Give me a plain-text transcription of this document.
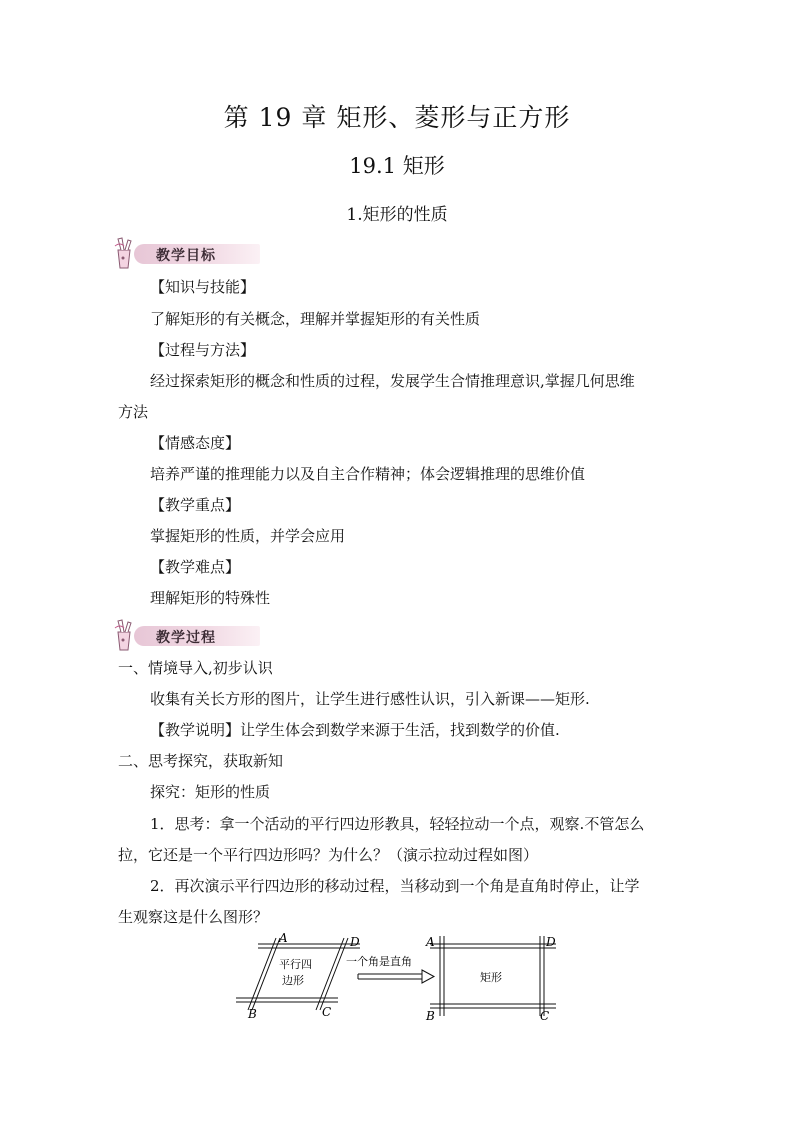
第 19 章 矩形、菱形与正方形
19.1 矩形
1.矩形的性质
教学目标
【知识与技能】
了解矩形的有关概念，理解并掌握矩形的有关性质
【过程与方法】
经过探索矩形的概念和性质的过程，发展学生合情推理意识,掌握几何思维
方法
【情感态度】
培养严谨的推理能力以及自主合作精神；体会逻辑推理的思维价值
【教学重点】
掌握矩形的性质，并学会应用
【教学难点】
理解矩形的特殊性
教学过程
一、情境导入,初步认识
收集有关长方形的图片，让学生进行感性认识，引入新课——矩形.
【教学说明】让学生体会到数学来源于生活，找到数学的价值.
二、思考探究，获取新知
探究：矩形的性质
1．思考：拿一个活动的平行四边形教具，轻轻拉动一个点，观察.不管怎么
拉，它还是一个平行四边形吗？为什么？（演示拉动过程如图）
2．再次演示平行四边形的移动过程，当移动到一个角是直角时停止，让学
生观察这是什么图形？
A	D
B	C
平行四
边形
一个角是直角
A	D
B	C
矩形
